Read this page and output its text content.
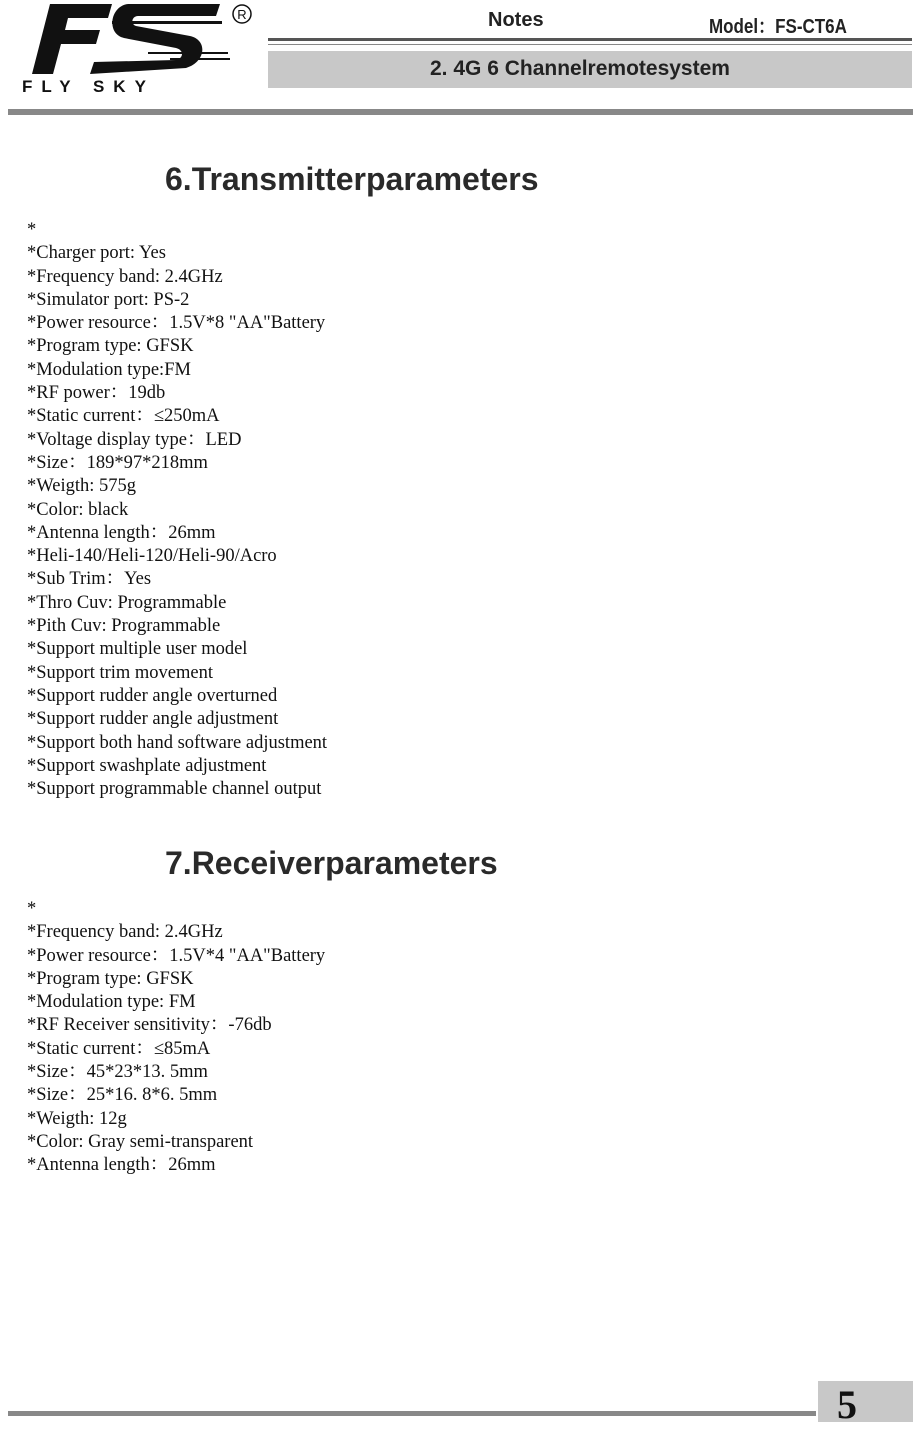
R
FLY SKY
Notes	Model：FS-CT6A
2. 4G 6 Channelremotesystem
6.Transmitterparameters
*
*Charger port: Yes
*Frequency band: 2.4GHz
*Simulator port: PS-2
*Power resource：1.5V*8 "AA"Battery
*Program type: GFSK
*Modulation type:FM
*RF power：19db
*Static current：≤250mA
*Voltage display type：LED
*Size：189*97*218mm
*Weigth: 575g
*Color: black
*Antenna length：26mm
*Heli-140/Heli-120/Heli-90/Acro
*Sub Trim：Yes
*Thro Cuv: Programmable
*Pith Cuv: Programmable
*Support multiple user model
*Support trim movement
*Support rudder angle overturned
*Support rudder angle adjustment
*Support both hand software adjustment
*Support swashplate adjustment
*Support programmable channel output
7.Receiverparameters
*
*Frequency band: 2.4GHz
*Power resource：1.5V*4 "AA"Battery
*Program type: GFSK
*Modulation type: FM
*RF Receiver sensitivity：-76db
*Static current：≤85mA
*Size：45*23*13. 5mm
*Size：25*16. 8*6. 5mm
*Weigth: 12g
*Color: Gray semi-transparent
*Antenna length：26mm
5
